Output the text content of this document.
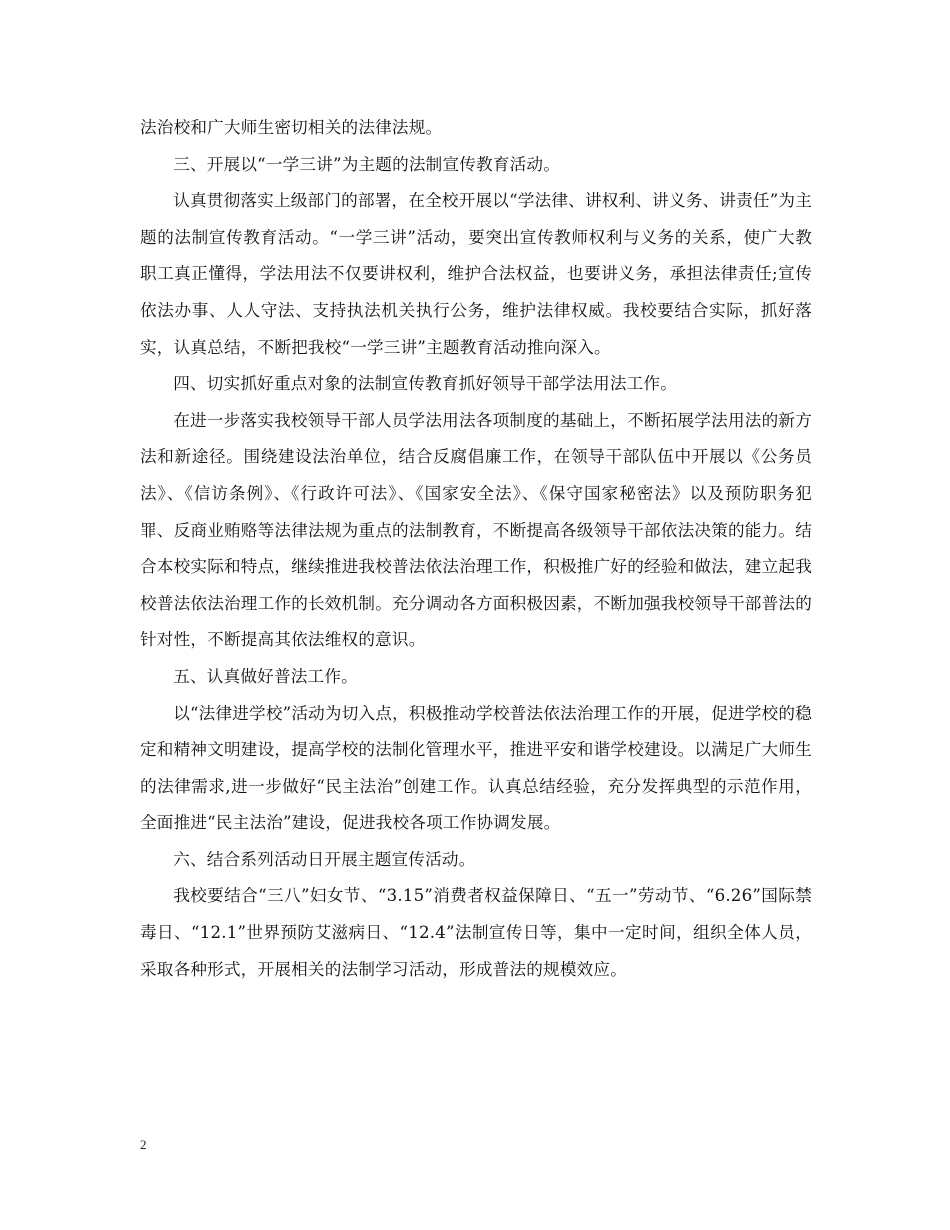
法治校和广大师生密切相关的法律法规。

三、开展以“一学三讲”为主题的法制宣传教育活动。

认真贯彻落实上级部门的部署，在全校开展以“学法律、讲权利、讲义务、讲责任”为主题的法制宣传教育活动。“一学三讲”活动，要突出宣传教师权利与义务的关系，使广大教职工真正懂得，学法用法不仅要讲权利，维护合法权益，也要讲义务，承担法律责任;宣传依法办事、人人守法、支持执法机关执行公务，维护法律权威。我校要结合实际，抓好落实，认真总结，不断把我校“一学三讲”主题教育活动推向深入。

四、切实抓好重点对象的法制宣传教育抓好领导干部学法用法工作。

在进一步落实我校领导干部人员学法用法各项制度的基础上，不断拓展学法用法的新方法和新途径。围绕建设法治单位，结合反腐倡廉工作，在领导干部队伍中开展以《公务员法》、《信访条例》、《行政许可法》、《国家安全法》、《保守国家秘密法》以及预防职务犯罪、反商业贿赂等法律法规为重点的法制教育，不断提高各级领导干部依法决策的能力。结合本校实际和特点，继续推进我校普法依法治理工作，积极推广好的经验和做法，建立起我校普法依法治理工作的长效机制。充分调动各方面积极因素，不断加强我校领导干部普法的针对性，不断提高其依法维权的意识。

五、认真做好普法工作。

以“法律进学校”活动为切入点，积极推动学校普法依法治理工作的开展，促进学校的稳定和精神文明建设，提高学校的法制化管理水平，推进平安和谐学校建设。以满足广大师生的法律需求,进一步做好“民主法治”创建工作。认真总结经验，充分发挥典型的示范作用，全面推进“民主法治”建设，促进我校各项工作协调发展。

六、结合系列活动日开展主题宣传活动。

我校要结合“三八”妇女节、“3.15”消费者权益保障日、“五一”劳动节、“6.26”国际禁毒日、“12.1”世界预防艾滋病日、“12.4”法制宣传日等，集中一定时间，组织全体人员，采取各种形式，开展相关的法制学习活动，形成普法的规模效应。

2
